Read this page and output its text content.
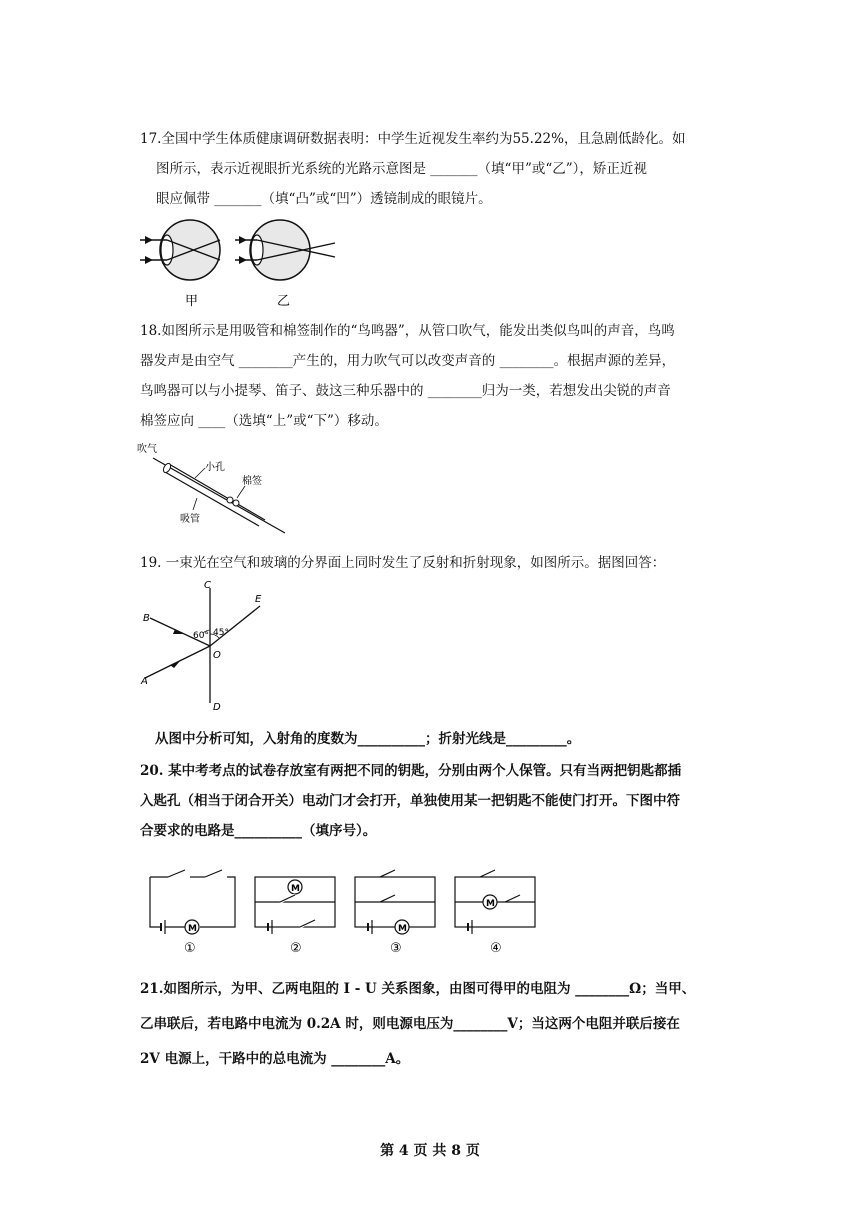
17.全国中学生体质健康调研数据表明：中学生近视发生率约为55.22%，且急剧低龄化。如
图所示，表示近视眼折光系统的光路示意图是 _______（填“甲”或“乙”），矫正近视
眼应佩带 _______（填“凸”或“凹”）透镜制成的眼镜片。
甲	乙
18.如图所示是用吸管和棉签制作的“鸟鸣器”，从管口吹气，能发出类似鸟叫的声音，鸟鸣
器发声是由空气 ________产生的，用力吹气可以改变声音的 ________。根据声源的差异，
鸟鸣器可以与小提琴、笛子、鼓这三种乐器中的 ________归为一类，若想发出尖锐的声音
棉签应向 ____（选填“上”或“下”）移动。
吹气
小孔
棉签
吸管
19. 一束光在空气和玻璃的分界面上同时发生了反射和折射现象，如图所示。据图回答：
C
E
B
A
O
D
60° 45°
从图中分析可知，入射角的度数为__________；折射光线是_________。
20. 某中考考点的试卷存放室有两把不同的钥匙，分别由两个人保管。只有当两把钥匙都插
入匙孔（相当于闭合开关）电动门才会打开，单独使用某一把钥匙不能使门打开。下图中符
合要求的电路是__________（填序号）。
M
①
M
②
M
③
M
④
21.如图所示，为甲、乙两电阻的 I - U 关系图象，由图可得甲的电阻为 ________Ω；当甲、
乙串联后，若电路中电流为 0.2A 时，则电源电压为________V；当这两个电阻并联后接在
2V 电源上，干路中的总电流为 ________A。
第 4 页 共 8 页
